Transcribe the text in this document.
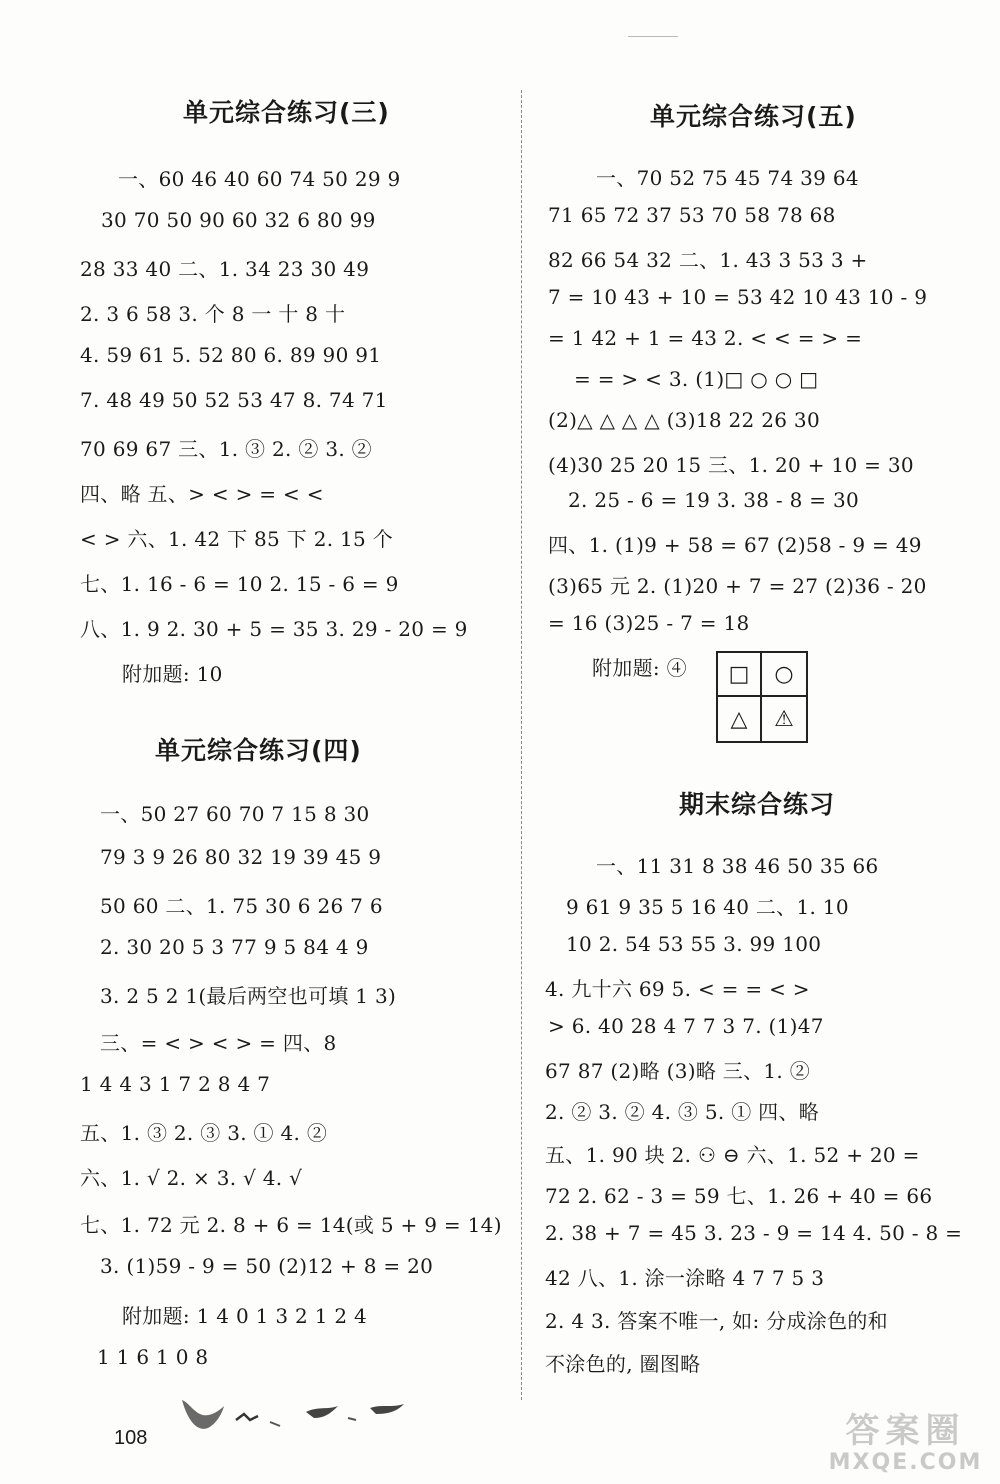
单元综合练习(三)
一、60 46 40 60 74 50 29 9
30 70 50 90 60 32 6 80 99
28 33 40 二、1. 34 23 30 49
2. 3 6 58 3. 个 8 一 十 8 十
4. 59 61 5. 52 80 6. 89 90 91
7. 48 49 50 52 53 47 8. 74 71
70 69 67 三、1. ③ 2. ② 3. ②
四、略 五、> < > = < <
< > 六、1. 42 下 85 下 2. 15 个
七、1. 16 - 6 = 10 2. 15 - 6 = 9
八、1. 9 2. 30 + 5 = 35 3. 29 - 20 = 9
附加题: 10
单元综合练习(四)
一、50 27 60 70 7 15 8 30
79 3 9 26 80 32 19 39 45 9
50 60 二、1. 75 30 6 26 7 6
2. 30 20 5 3 77 9 5 84 4 9
3. 2 5 2 1(最后两空也可填 1 3)
三、= < > < > = 四、8
1 4 4 3 1 7 2 8 4 7
五、1. ③ 2. ③ 3. ① 4. ②
六、1. √ 2. × 3. √ 4. √
七、1. 72 元 2. 8 + 6 = 14(或 5 + 9 = 14)
3. (1)59 - 9 = 50 (2)12 + 8 = 20
附加题: 1 4 0 1 3 2 1 2 4
1 1 6 1 0 8
单元综合练习(五)
一、70 52 75 45 74 39 64
71 65 72 37 53 70 58 78 68
82 66 54 32 二、1. 43 3 53 3 +
7 = 10 43 + 10 = 53 42 10 43 10 - 9
= 1 42 + 1 = 43 2. < < = > =
= = > < 3. (1)□ ○ ○ □
(2)△ △ △ △ (3)18 22 26 30
(4)30 25 20 15 三、1. 20 + 10 = 30
2. 25 - 6 = 19 3. 38 - 8 = 30
四、1. (1)9 + 58 = 67 (2)58 - 9 = 49
(3)65 元 2. (1)20 + 7 = 27 (2)36 - 20
= 16 (3)25 - 7 = 18
附加题: ④	□	○
△	⚠
期末综合练习
一、11 31 8 38 46 50 35 66
9 61 9 35 5 16 40 二、1. 10
10 2. 54 53 55 3. 99 100
4. 九十六 69 5. < = = < >
> 6. 40 28 4 7 7 3 7. (1)47
67 87 (2)略 (3)略 三、1. ②
2. ② 3. ② 4. ③ 5. ① 四、略
五、1. 90 块 2. ⚇ ⊖ 六、1. 52 + 20 =
72 2. 62 - 3 = 59 七、1. 26 + 40 = 66
2. 38 + 7 = 45 3. 23 - 9 = 14 4. 50 - 8 =
42 八、1. 涂一涂略 4 7 7 5 3
2. 4 3. 答案不唯一, 如: 分成涂色的和
不涂色的, 圈图略
108	答案圈
MXQE.COM
